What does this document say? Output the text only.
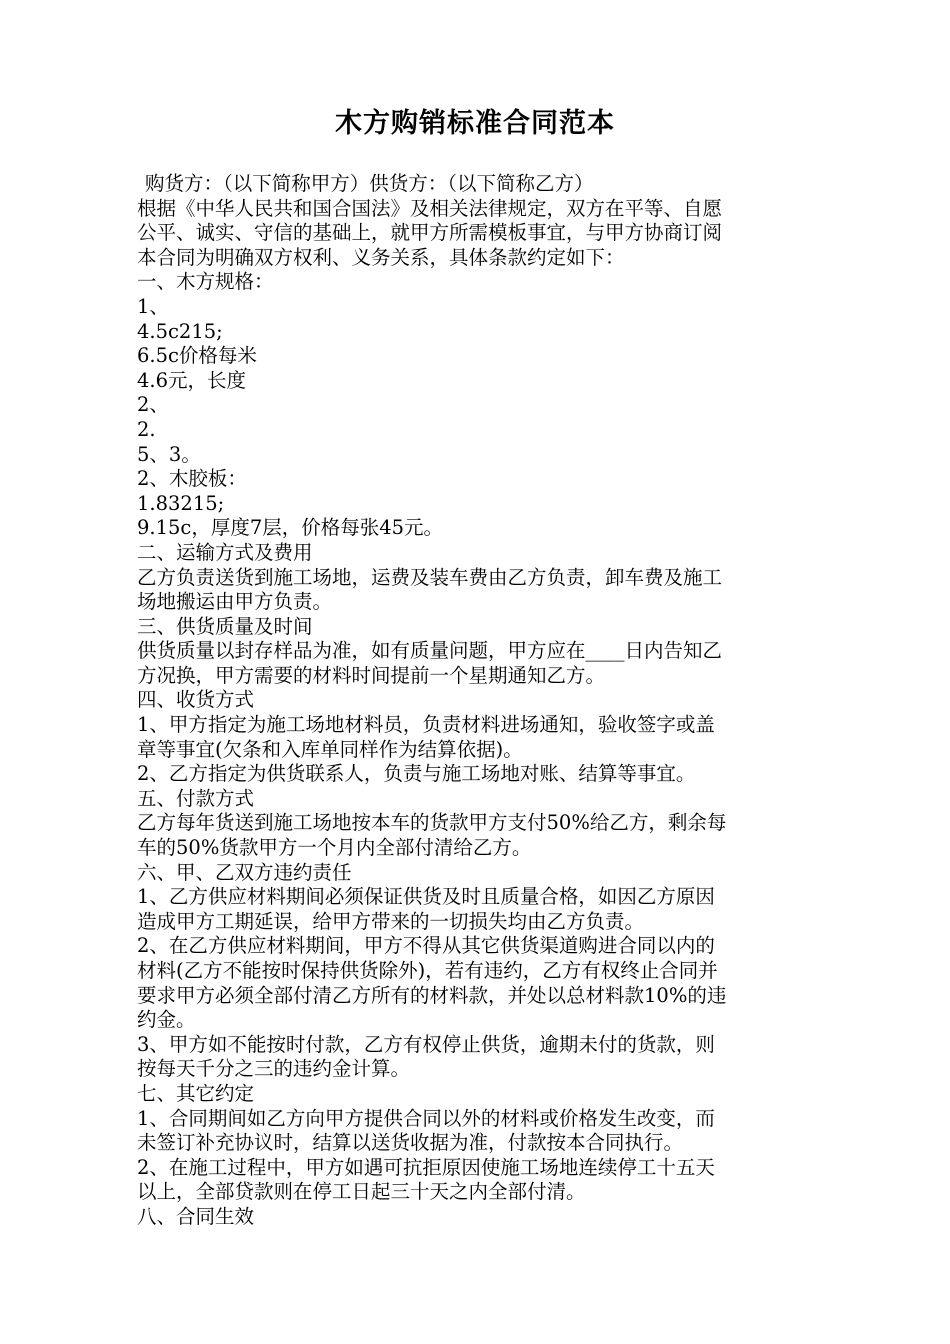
木方购销标准合同范本
购货方：（以下简称甲方）供货方：（以下简称乙方）
根据《中华人民共和国合国法》及相关法律规定，双方在平等、自愿
公平、诚实、守信的基础上，就甲方所需模板事宜，与甲方协商订阅
本合同为明确双方权利、义务关系，具体条款约定如下：
一、木方规格：
1、
4.5c215;
6.5c价格每米
4.6元，长度
2、
2.
5、3。
2、木胶板：
1.83215;
9.15c，厚度7层，价格每张45元。
二、运输方式及费用
乙方负责送货到施工场地，运费及装车费由乙方负责，卸车费及施工
场地搬运由甲方负责。
三、供货质量及时间
供货质量以封存样品为准，如有质量问题，甲方应在____日内告知乙
方况换，甲方需要的材料时间提前一个星期通知乙方。
四、收货方式
1、甲方指定为施工场地材料员，负责材料进场通知，验收签字或盖
章等事宜(欠条和入库单同样作为结算依据)。
2、乙方指定为供货联系人，负责与施工场地对账、结算等事宜。
五、付款方式
乙方每年货送到施工场地按本车的货款甲方支付50%给乙方，剩余每
车的50%货款甲方一个月内全部付清给乙方。
六、甲、乙双方违约责任
1、乙方供应材料期间必须保证供货及时且质量合格，如因乙方原因
造成甲方工期延误，给甲方带来的一切损失均由乙方负责。
2、在乙方供应材料期间，甲方不得从其它供货渠道购进合同以内的
材料(乙方不能按时保持供货除外)，若有违约，乙方有权终止合同并
要求甲方必须全部付清乙方所有的材料款，并处以总材料款10%的违
约金。
3、甲方如不能按时付款，乙方有权停止供货，逾期未付的货款，则
按每天千分之三的违约金计算。
七、其它约定
1、合同期间如乙方向甲方提供合同以外的材料或价格发生改变，而
未签订补充协议时，结算以送货收据为准，付款按本合同执行。
2、在施工过程中，甲方如遇可抗拒原因使施工场地连续停工十五天
以上，全部贷款则在停工日起三十天之内全部付清。
八、合同生效
